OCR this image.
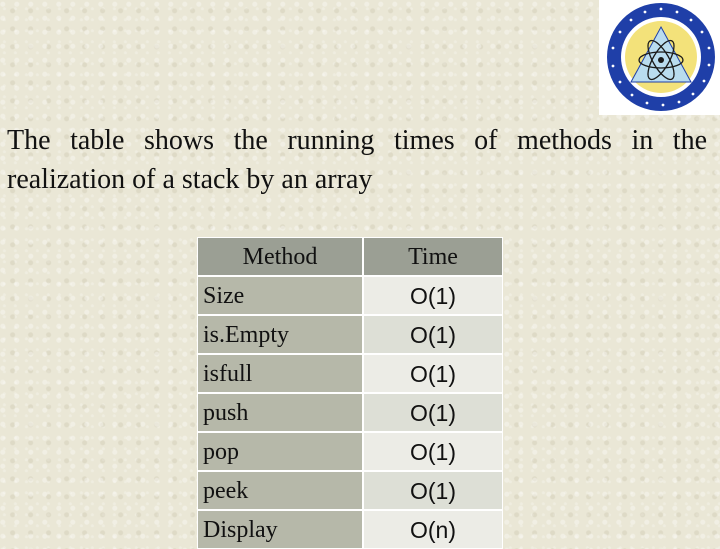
The table shows the running times of methods in the
realization of a stack by an array

Method
Size
is.Empty
isfull
push
pop
peek
Display
Time
O(1)
O(1)
O(1)
O(1)
O(1)
O(1)
O(n)
